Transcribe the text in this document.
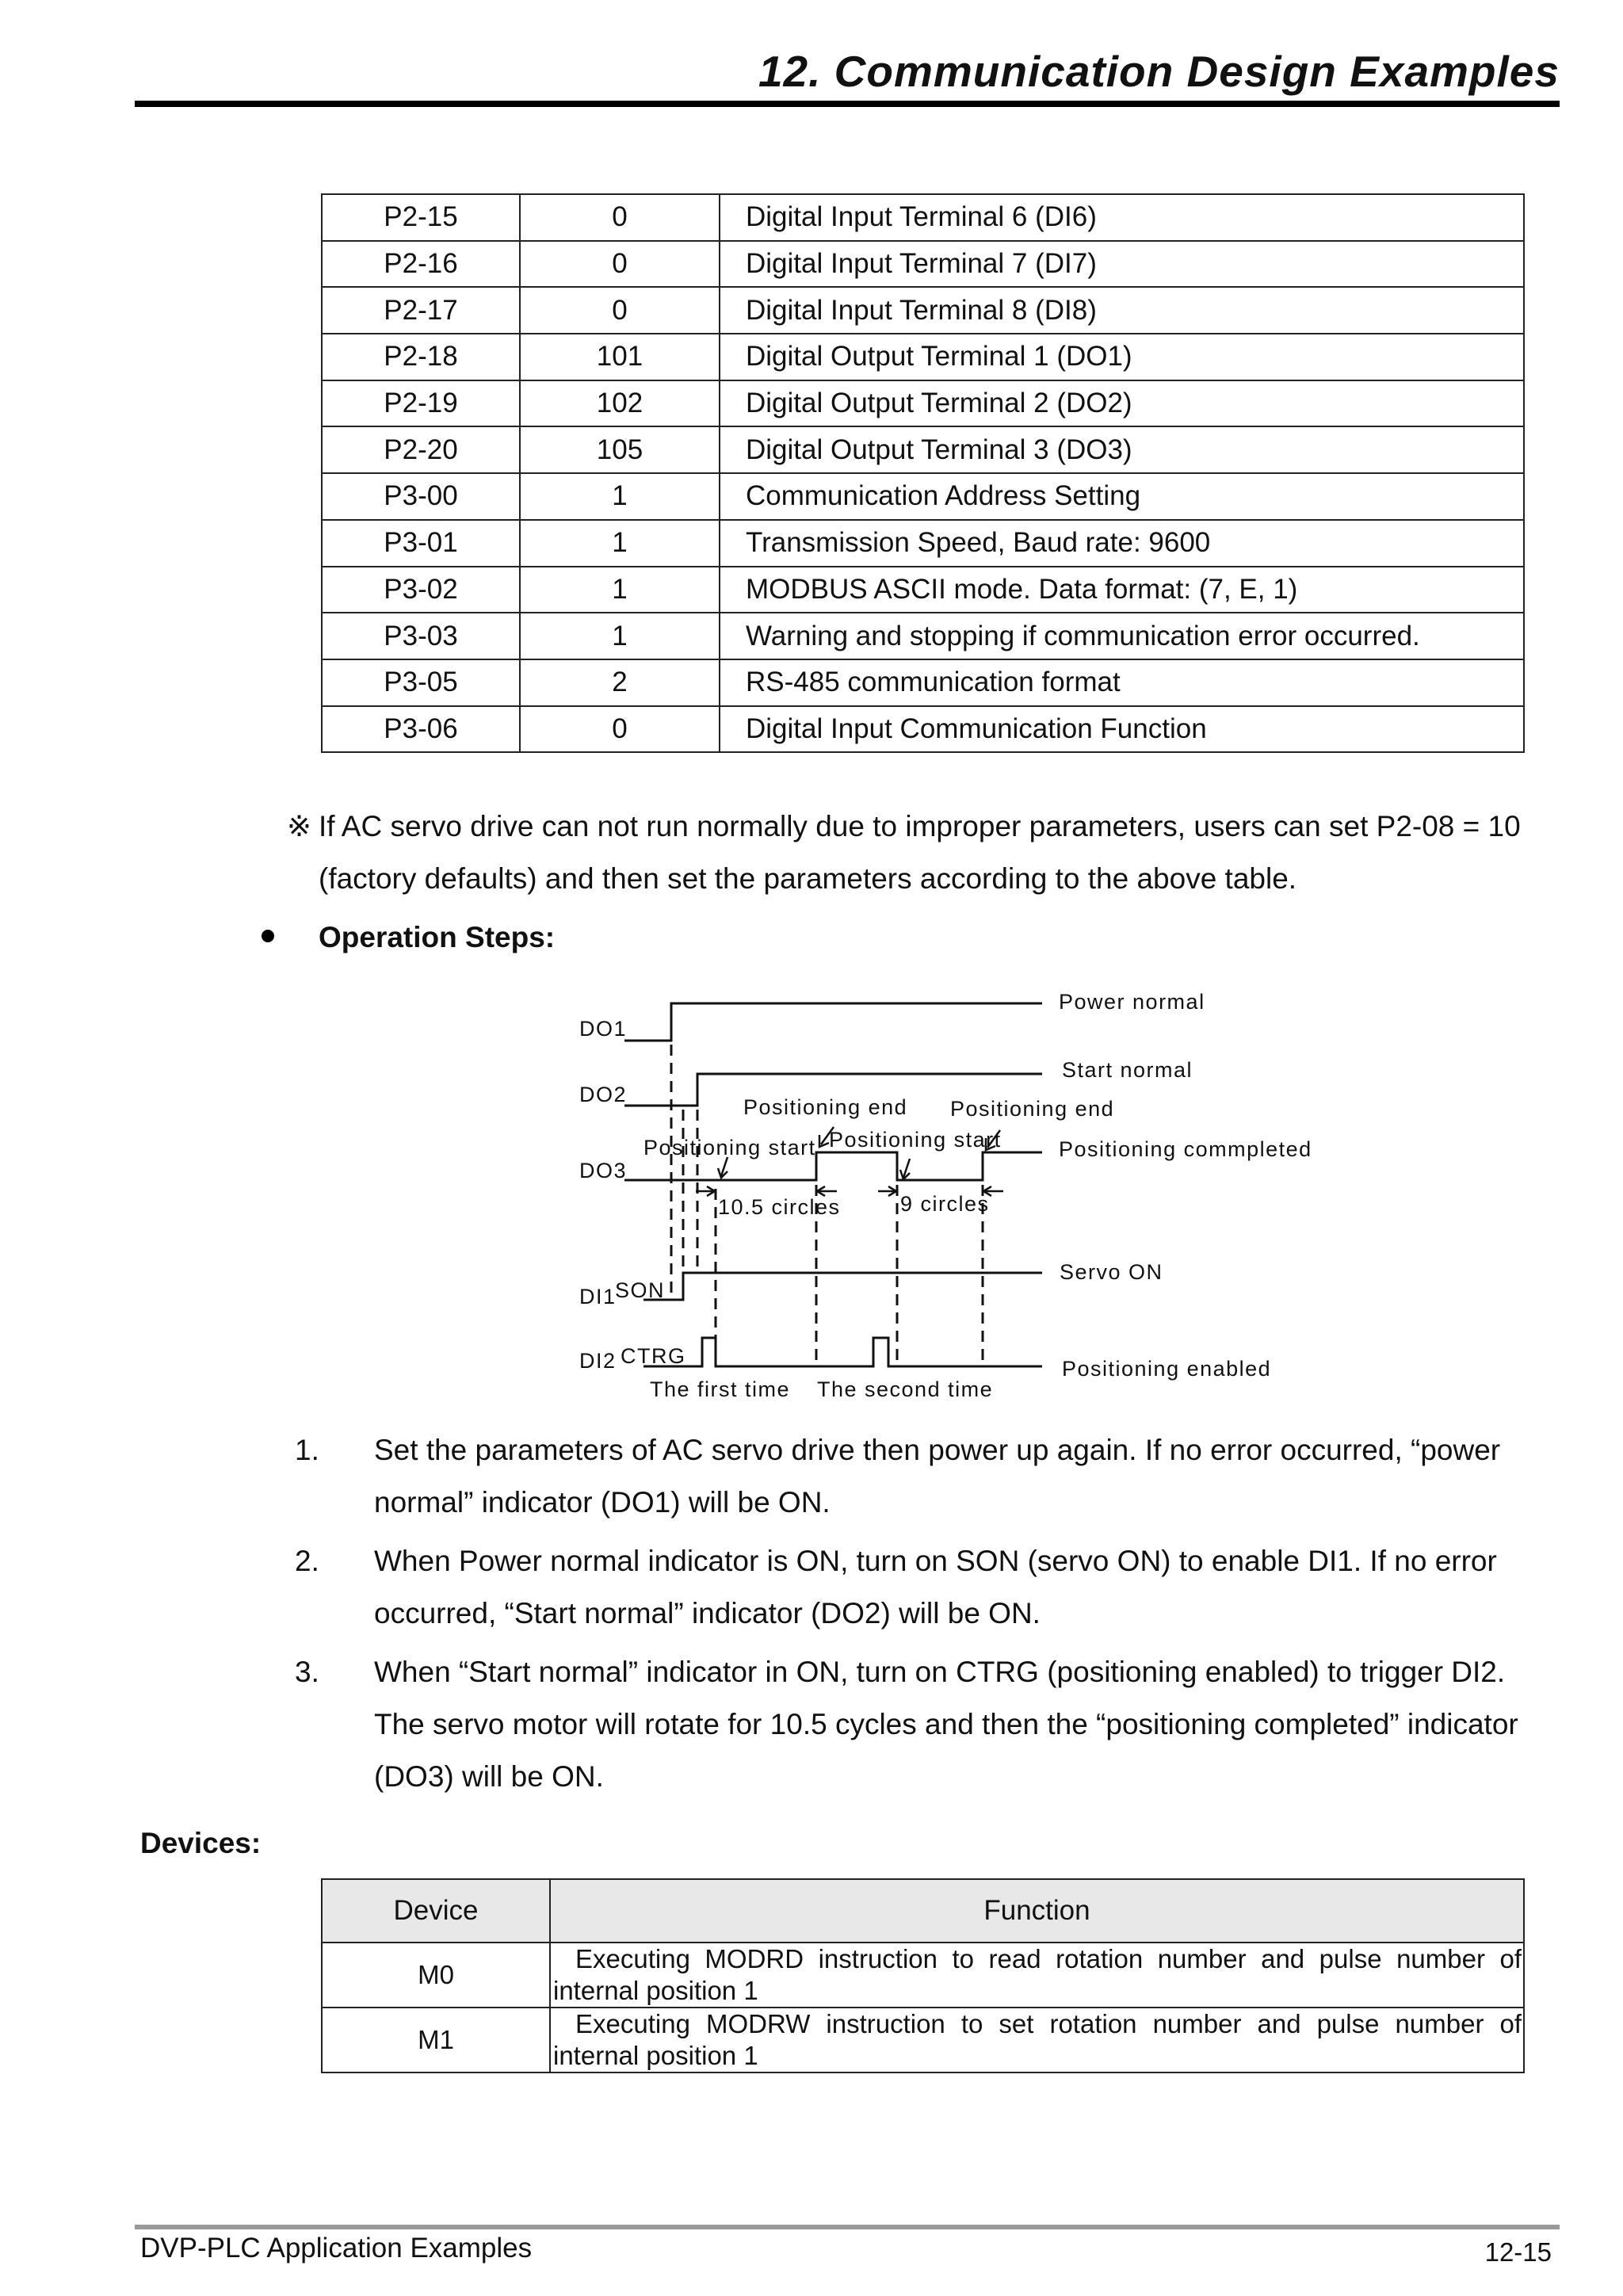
12. Communication Design Examples
P2-15	0	Digital Input Terminal 6 (DI6)
P2-16	0	Digital Input Terminal 7 (DI7)
P2-17	0	Digital Input Terminal 8 (DI8)
P2-18	101	Digital Output Terminal 1 (DO1)
P2-19	102	Digital Output Terminal 2 (DO2)
P2-20	105	Digital Output Terminal 3 (DO3)
P3-00	1	Communication Address Setting
P3-01	1	Transmission Speed, Baud rate: 9600
P3-02	1	MODBUS ASCII mode. Data format: (7, E, 1)
P3-03	1	Warning and stopping if communication error occurred.
P3-05	2	RS-485 communication format
P3-06	0	Digital Input Communication Function
※ If AC servo drive can not run normally due to improper parameters, users can set P2-08 = 10
(factory defaults) and then set the parameters according to the above table.
Operation Steps:
DO1
DO2
DO3
DI1
SON
DI2 CTRG
Power normal
Start normal
Positioning commpleted
Servo ON
Positioning enabled
Positioning end Positioning end
Positioning start Positioning start
10.5 circles	9 circles
The first time The second time
1. Set the parameters of AC servo drive then power up again. If no error occurred, “power
normal” indicator (DO1) will be ON.
2. When Power normal indicator is ON, turn on SON (servo ON) to enable DI1. If no error
occurred, “Start normal” indicator (DO2) will be ON.
3. When “Start normal” indicator in ON, turn on CTRG (positioning enabled) to trigger DI2.
The servo motor will rotate for 10.5 cycles and then the “positioning completed” indicator
(DO3) will be ON.
Devices:
Device	Function
M0	Executing MODRD instruction to read rotation number and pulse number of internal position 1
M1	Executing MODRW instruction to set rotation number and pulse number of internal position 1
DVP-PLC Application Examples	12-15
